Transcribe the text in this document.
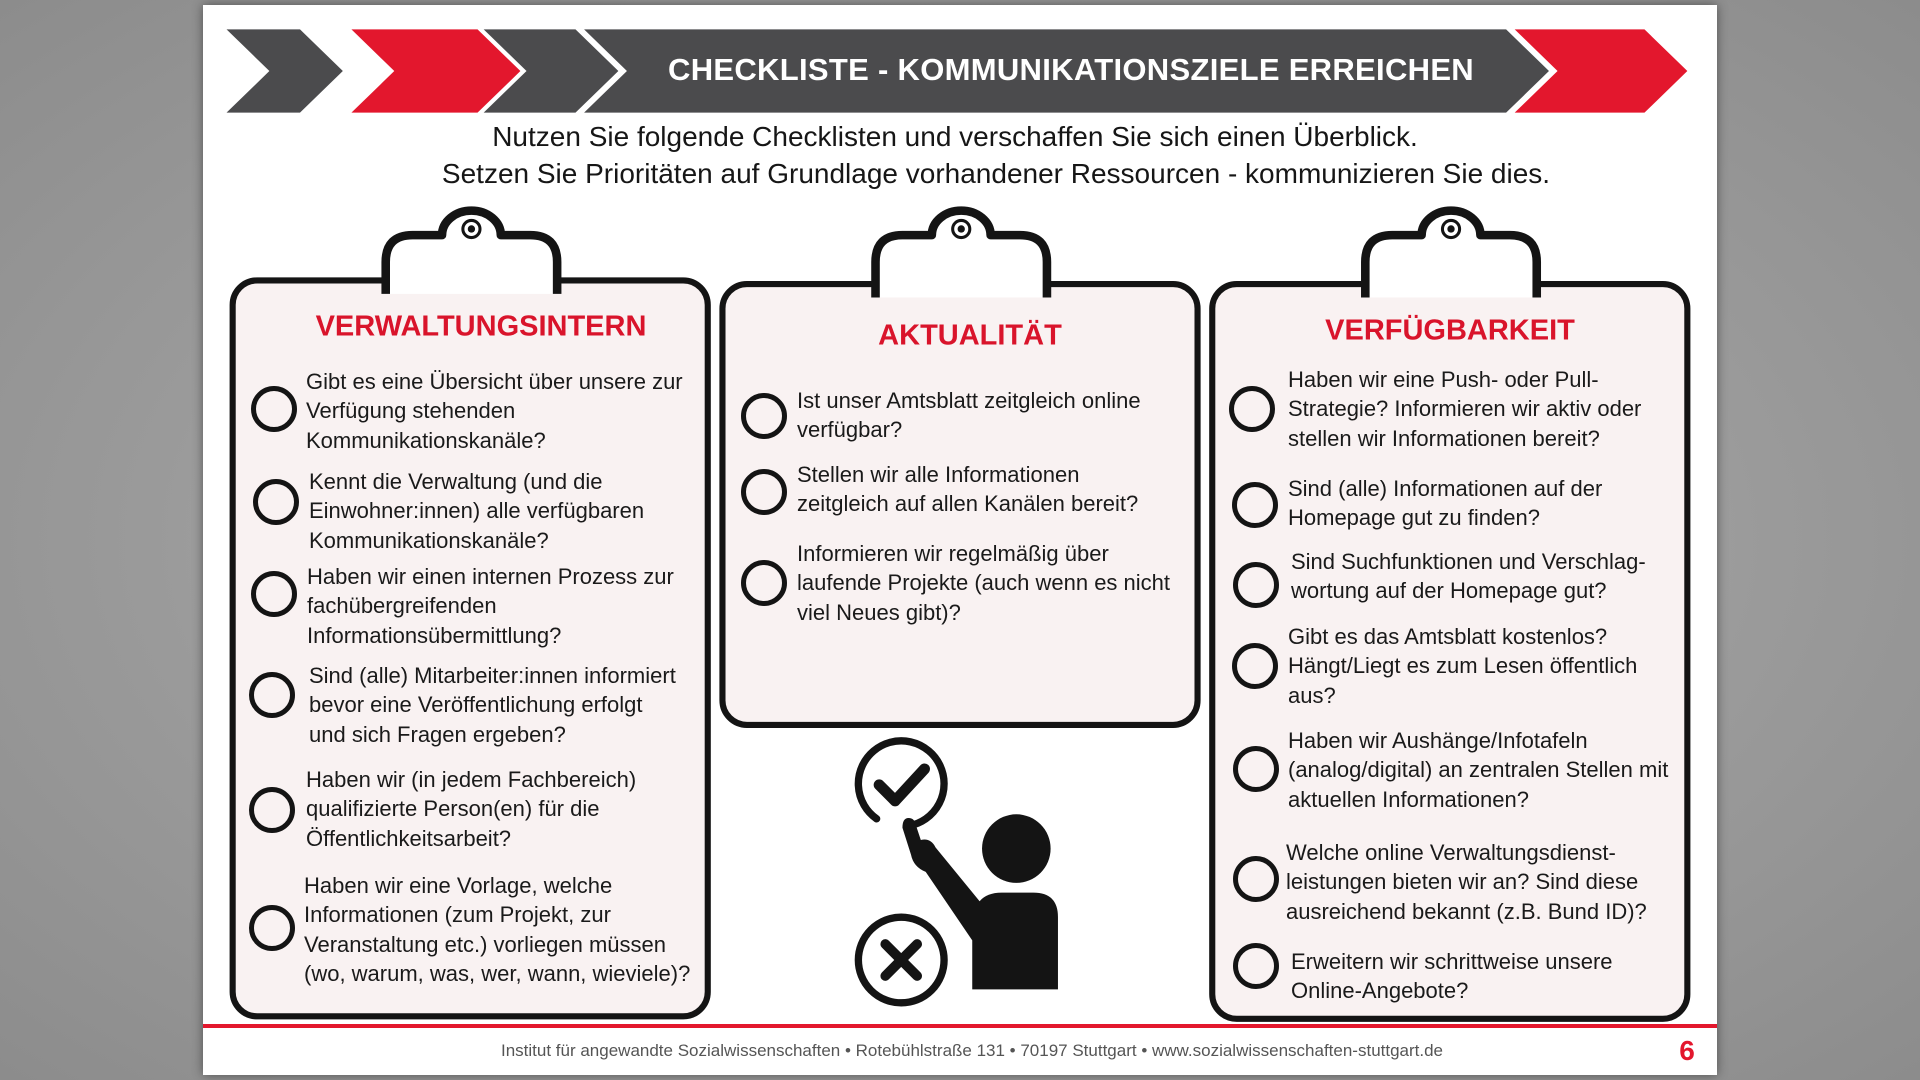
CHECKLISTE - KOMMUNIKATIONSZIELE ERREICHEN
Nutzen Sie folgende Checklisten und verschaffen Sie sich einen Überblick.
Setzen Sie Prioritäten auf Grundlage vorhandener Ressourcen - kommunizieren Sie dies.
VERWALTUNGSINTERN	AKTUALITÄT	VERFÜGBARKEIT
Gibt es eine Übersicht über unsere zur
Verfügung stehenden
Kommunikationskanäle?
Kennt die Verwaltung (und die
Einwohner:innen) alle verfügbaren
Kommunikationskanäle?
Haben wir einen internen Prozess zur
fachübergreifenden
Informationsübermittlung?
Sind (alle) Mitarbeiter:innen informiert
bevor eine Veröffentlichung erfolgt
und sich Fragen ergeben?
Haben wir (in jedem Fachbereich)
qualifizierte Person(en) für die
Öffentlichkeitsarbeit?
Haben wir eine Vorlage, welche
Informationen (zum Projekt, zur
Veranstaltung etc.) vorliegen müssen
(wo, warum, was, wer, wann, wieviele)?
Ist unser Amtsblatt zeitgleich online
verfügbar?
Stellen wir alle Informationen
zeitgleich auf allen Kanälen bereit?
Informieren wir regelmäßig über
laufende Projekte (auch wenn es nicht
viel Neues gibt)?
Haben wir eine Push- oder Pull-
Strategie? Informieren wir aktiv oder
stellen wir Informationen bereit?
Sind (alle) Informationen auf der
Homepage gut zu finden?
Sind Suchfunktionen und Verschlag-
wortung auf der Homepage gut?
Gibt es das Amtsblatt kostenlos?
Hängt/Liegt es zum Lesen öffentlich
aus?
Haben wir Aushänge/Infotafeln
(analog/digital) an zentralen Stellen mit
aktuellen Informationen?
Welche online Verwaltungsdienst-
leistungen bieten wir an? Sind diese
ausreichend bekannt (z.B. Bund ID)?
Erweitern wir schrittweise unsere
Online-Angebote?
Institut für angewandte Sozialwissenschaften • Rotebühlstraße 131 • 70197 Stuttgart • www.sozialwissenschaften-stuttgart.de	6
